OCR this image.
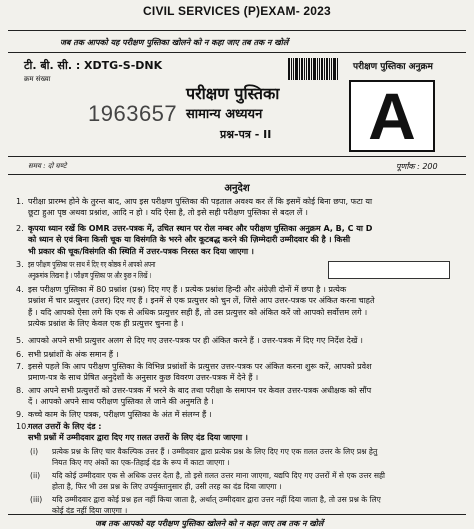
CIVIL SERVICES (P)EXAM- 2023
जब तक आपको यह परीक्षण पुस्तिका खोलने को न कहा जाए तब तक न खोलें
टी. बी. सी. : XDTG-S-DNK	परीक्षण पुस्तिका अनुक्रम
क्रम संख्या
1963657
परीक्षण पुस्तिका
सामान्य अध्ययन
प्रश्न-पत्र - II A
समय : दो घण्टे	पूर्णांक : 200
अनुदेश
1. परीक्षा प्रारम्भ होने के तुरन्त बाद, आप इस परीक्षण पुस्तिका की पड़ताल अवश्य कर लें कि इसमें कोई बिना छपा, फटा या
छूटा हुआ पृष्ठ अथवा प्रश्नांश, आदि न हो । यदि ऐसा है, तो इसे सही परीक्षण पुस्तिका से बदल लें ।
2. कृपया ध्यान रखें कि OMR उत्तर-पत्रक में, उचित स्थान पर रोल नम्बर और परीक्षण पुस्तिका अनुक्रम A, B, C या D
को ध्यान से एवं बिना किसी चूक या विसंगति के भरने और कूटबद्ध करने की ज़िम्मेदारी उम्मीदवार की है । किसी
भी प्रकार की चूक/विसंगति की स्थिति में उत्तर-पत्रक निरस्त कर दिया जाएगा ।
3. इस परीक्षण पुस्तिका पर साथ में दिए गए कोष्ठक में आपको अपना
अनुक्रमांक लिखना है । परीक्षण पुस्तिका पर और कुछ न लिखें ।
4. इस परीक्षण पुस्तिका में 80 प्रश्नांश (प्रश्न) दिए गए हैं । प्रत्येक प्रश्नांश हिन्दी और अंग्रेज़ी दोनों में छपा है । प्रत्येक
प्रश्नांश में चार प्रत्युत्तर (उत्तर) दिए गए हैं । इनमें से एक प्रत्युत्तर को चुन लें, जिसे आप उत्तर-पत्रक पर अंकित करना चाहते
हैं । यदि आपको ऐसा लगे कि एक से अधिक प्रत्युत्तर सही हैं, तो उस प्रत्युत्तर को अंकित करें जो आपको सर्वोत्तम लगे ।
प्रत्येक प्रश्नांश के लिए केवल एक ही प्रत्युत्तर चुनना है ।
5. आपको अपने सभी प्रत्युत्तर अलग से दिए गए उत्तर-पत्रक पर ही अंकित करने हैं । उत्तर-पत्रक में दिए गए निर्देश देखें ।
6. सभी प्रश्नांशों के अंक समान हैं ।
7. इससे पहले कि आप परीक्षण पुस्तिका के विभिन्न प्रश्नांशों के प्रत्युत्तर उत्तर-पत्रक पर अंकित करना शुरू करें, आपको प्रवेश
प्रमाण-पत्र के साथ प्रेषित अनुदेशों के अनुसार कुछ विवरण उत्तर-पत्रक में देने हैं ।
8. आप अपने सभी प्रत्युत्तरों को उत्तर-पत्रक में भरने के बाद तथा परीक्षा के समापन पर केवल उत्तर-पत्रक अधीक्षक को सौंप
दें । आपको अपने साथ परीक्षण पुस्तिका ले जाने की अनुमति है ।
9. कच्चे काम के लिए पत्रक, परीक्षण पुस्तिका के अंत में संलग्न हैं ।
10. गलत उत्तरों के लिए दंड :
सभी प्रश्नों में उम्मीदवार द्वारा दिए गए ग़लत उत्तरों के लिए दंड दिया जाएगा ।
(i) प्रत्येक प्रश्न के लिए चार वैकल्पिक उत्तर हैं । उम्मीदवार द्वारा प्रत्येक प्रश्न के लिए दिए गए एक ग़लत उत्तर के लिए प्रश्न हेतु
नियत किए गए अंकों का एक-तिहाई दंड के रूप में काटा जाएगा ।
(ii) यदि कोई उम्मीदवार एक से अधिक उत्तर देता है, तो इसे ग़लत उत्तर माना जाएगा, यद्यपि दिए गए उत्तरों में से एक उत्तर सही
होता है, फिर भी उस प्रश्न के लिए उपर्युक्तानुसार ही, उसी तरह का दंड दिया जाएगा ।
(iii) यदि उम्मीदवार द्वारा कोई प्रश्न हल नहीं किया जाता है, अर्थात् उम्मीदवार द्वारा उत्तर नहीं दिया जाता है, तो उस प्रश्न के लिए
कोई दंड नहीं दिया जाएगा ।
जब तक आपको यह परीक्षण पुस्तिका खोलने को न कहा जाए तब तक न खोलें
